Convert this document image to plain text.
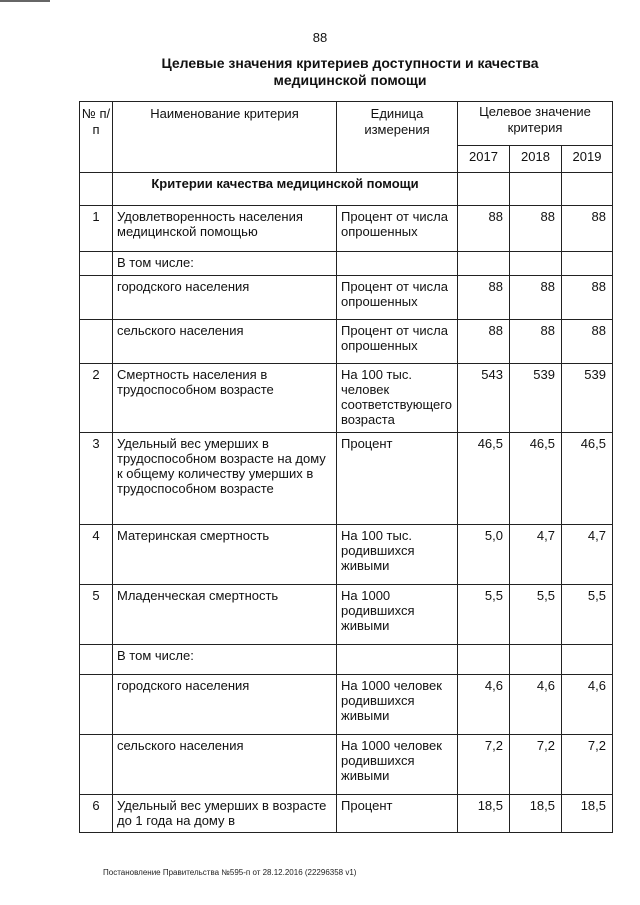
88
Целевые значения критериев доступности и качества
медицинской помощи
№ п/п	Наименование критерия	Единица измерения	Целевое значение критерия		
			2017	2018	2019
	Критерии качества медицинской помощи				
1	Удовлетворенность населения медицинской помощью	Процент от числа опрошенных	88	88	88
	В том числе:				
	городского населения	Процент от числа опрошенных	88	88	88
	сельского населения	Процент от числа опрошенных	88	88	88
2	Смертность населения в трудоспособном возрасте	На 100 тыс. человек соответствующего возраста	543	539	539
3	Удельный вес умерших в трудоспособном возрасте на дому к общему количеству умерших в трудоспособном возрасте	Процент	46,5	46,5	46,5
4	Материнская смертность	На 100 тыс. родившихся живыми	5,0	4,7	4,7
5	Младенческая смертность	На 1000 родившихся живыми	5,5	5,5	5,5
	В том числе:				
	городского населения	На 1000 человек родившихся живыми	4,6	4,6	4,6
	сельского населения	На 1000 человек родившихся живыми	7,2	7,2	7,2
6	Удельный вес умерших в возрасте до 1 года на дому в	Процент	18,5	18,5	18,5
Постановление Правительства №595-п от 28.12.2016 (22296358 v1)
